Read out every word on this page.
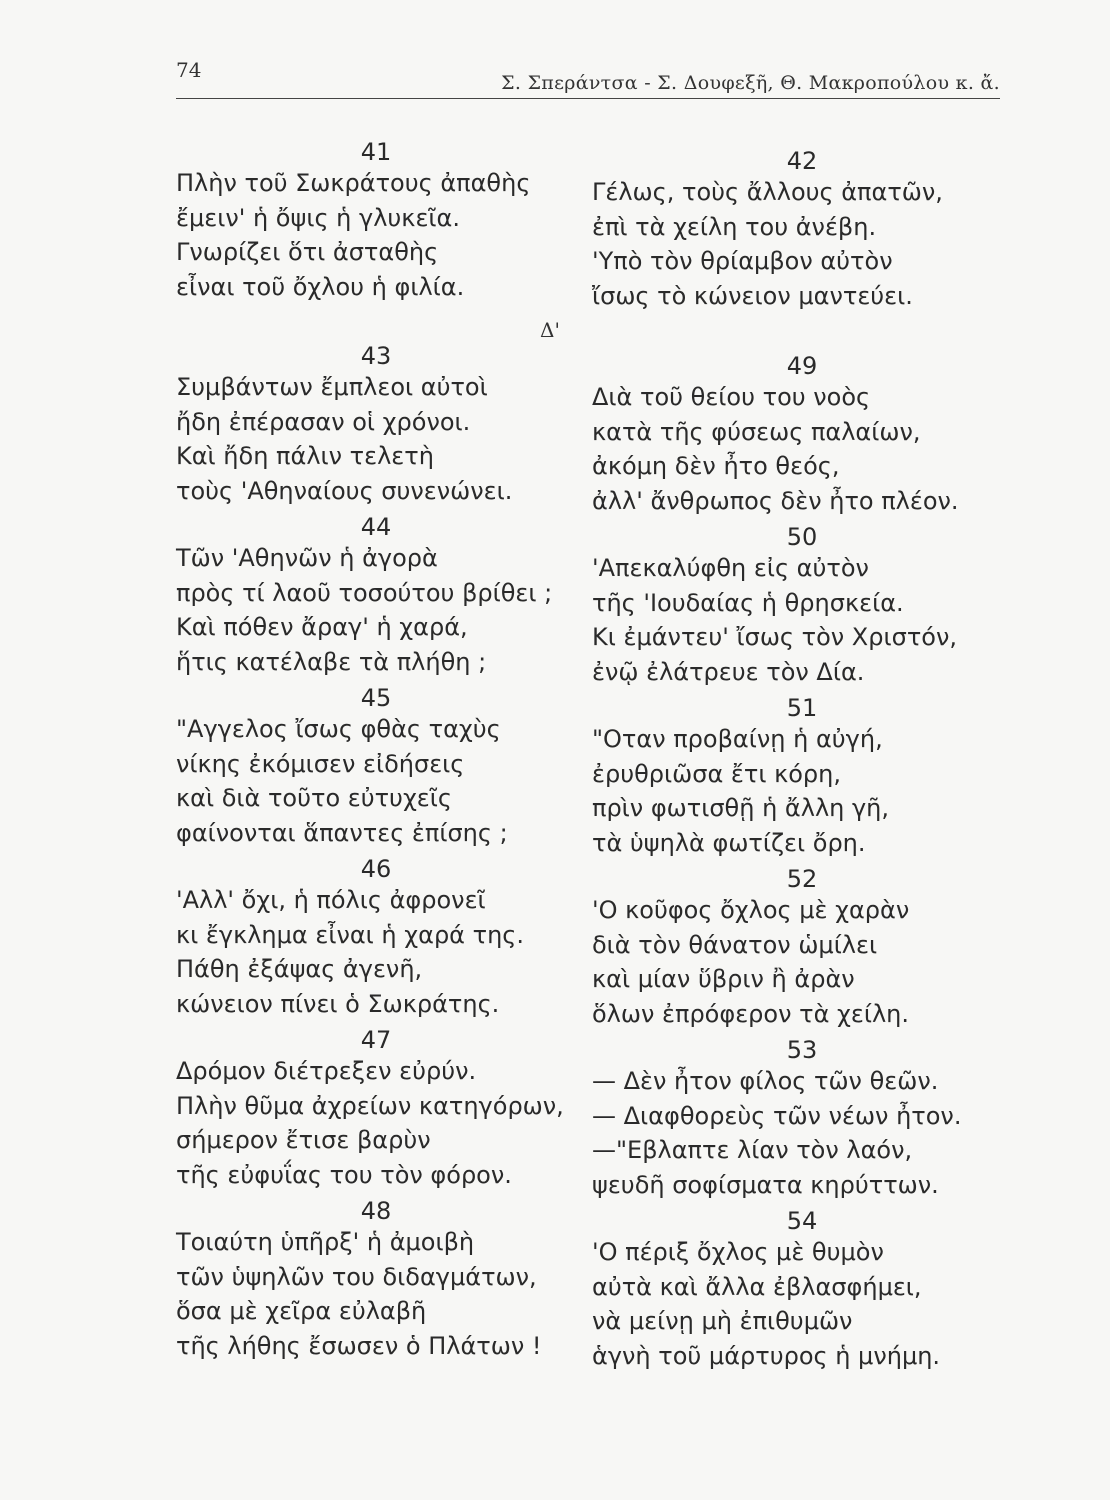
74
Σ. Σπεράντσα - Σ. Δουφεξῆ, Θ. Μακροπούλου κ. ἄ.
Δ'
41
Πλὴν τοῦ Σωκράτους ἀπαθὴς
ἔμειν' ἡ ὄψις ἡ γλυκεῖα.
Γνωρίζει ὅτι ἀσταθὴς
εἶναι τοῦ ὄχλου ἡ φιλία.
43
Συμβάντων ἔμπλεοι αὐτοὶ
ἤδη ἐπέρασαν οἱ χρόνοι.
Καὶ ἤδη πάλιν τελετὴ
τοὺς 'Αθηναίους συνενώνει.
44
Τῶν 'Αθηνῶν ἡ ἀγορὰ
πρὸς τί λαοῦ τοσούτου βρίθει ;
Καὶ πόθεν ἄραγ' ἡ χαρά,
ἥτις κατέλαβε τὰ πλήθη ;
45
"Αγγελος ἴσως φθὰς ταχὺς
νίκης ἐκόμισεν εἰδήσεις
καὶ διὰ τοῦτο εὐτυχεῖς
φαίνονται ἅπαντες ἐπίσης ;
46
'Αλλ' ὄχι, ἡ πόλις ἀφρονεῖ
κι ἔγκλημα εἶναι ἡ χαρά της.
Πάθη ἐξάψας ἀγενῆ,
κώνειον πίνει ὁ Σωκράτης.
47
Δρόμον διέτρεξεν εὐρύν.
Πλὴν θῦμα ἀχρείων κατηγόρων,
σήμερον ἔτισε βαρὺν
τῆς εὐφυΐας του τὸν φόρον.
48
Τοιαύτη ὑπῆρξ' ἡ ἀμοιβὴ
τῶν ὑψηλῶν του διδαγμάτων,
ὅσα μὲ χεῖρα εὐλαβῆ
τῆς λήθης ἔσωσεν ὁ Πλάτων !
42
Γέλως, τοὺς ἄλλους ἀπατῶν,
ἐπὶ τὰ χείλη του ἀνέβη.
'Υπὸ τὸν θρίαμβον αὐτὸν
ἴσως τὸ κώνειον μαντεύει.
49
Διὰ τοῦ θείου του νοὸς
κατὰ τῆς φύσεως παλαίων,
ἀκόμη δὲν ἦτο θεός,
ἀλλ' ἄνθρωπος δὲν ἦτο πλέον.
50
'Απεκαλύφθη εἰς αὐτὸν
τῆς 'Ιουδαίας ἡ θρησκεία.
Κι ἐμάντευ' ἴσως τὸν Χριστόν,
ἐνῷ ἐλάτρευε τὸν Δία.
51
"Οταν προβαίνῃ ἡ αὐγή,
ἐρυθριῶσα ἔτι κόρη,
πρὶν φωτισθῇ ἡ ἄλλη γῆ,
τὰ ὑψηλὰ φωτίζει ὄρη.
52
'Ο κοῦφος ὄχλος μὲ χαρὰν
διὰ τὸν θάνατον ὡμίλει
καὶ μίαν ὕβριν ἢ ἀρὰν
ὅλων ἐπρόφερον τὰ χείλη.
53
— Δὲν ἦτον φίλος τῶν θεῶν.
— Διαφθορεὺς τῶν νέων ἦτον.
—"Εβλαπτε λίαν τὸν λαόν,
ψευδῆ σοφίσματα κηρύττων.
54
'Ο πέριξ ὄχλος μὲ θυμὸν
αὐτὰ καὶ ἄλλα ἐβλασφήμει,
νὰ μείνῃ μὴ ἐπιθυμῶν
ἁγνὴ τοῦ μάρτυρος ἡ μνήμη.
